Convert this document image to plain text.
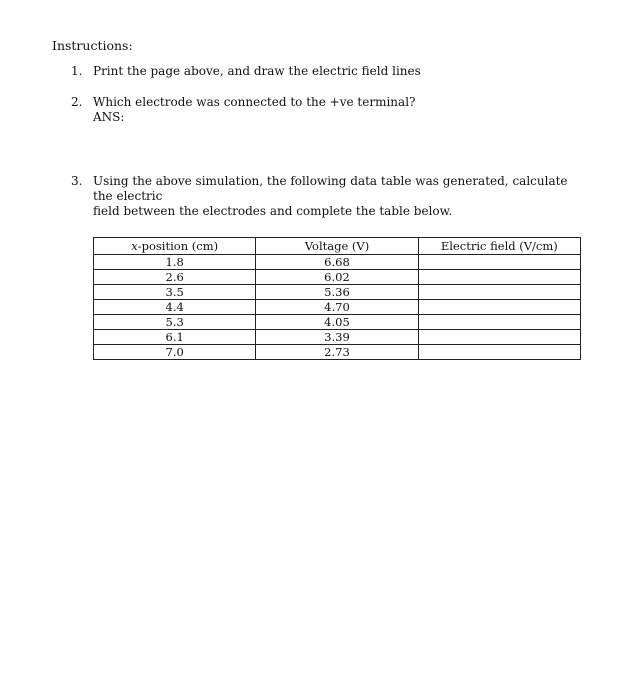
Instructions:
1. Print the page above, and draw the electric field lines
2. Which electrode was connected to the +ve terminal?
ANS:
3. Using the above simulation, the following data table was generated, calculate the electric
field between the electrodes and complete the table below.
x-position (cm)	Voltage (V)	Electric field (V/cm)
1.8	6.68	
2.6	6.02	
3.5	5.36	
4.4	4.70	
5.3	4.05	
6.1	3.39	
7.0	2.73	
